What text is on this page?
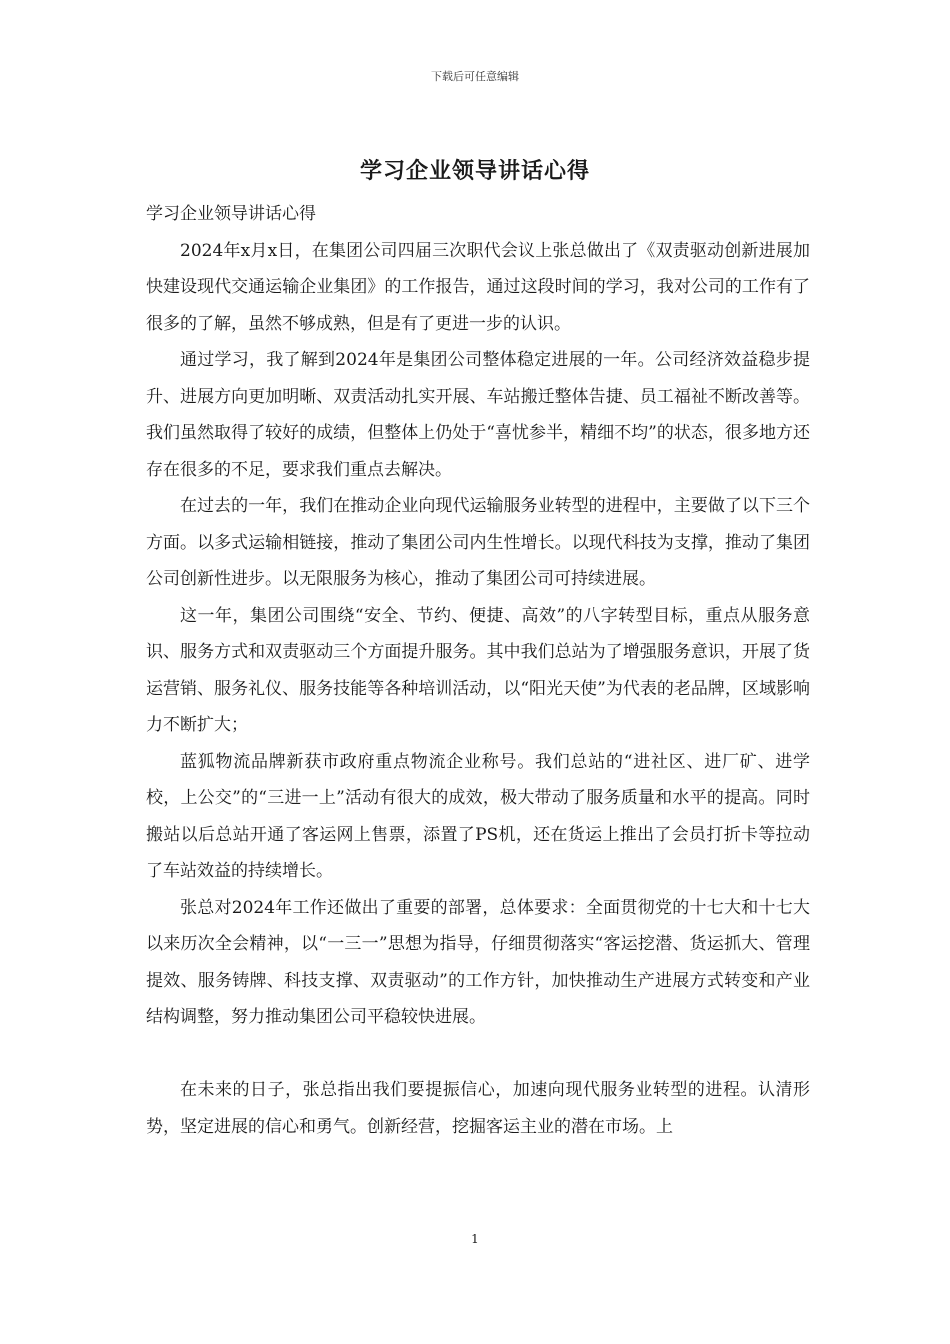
下载后可任意编辑
学习企业领导讲话心得

学习企业领导讲话心得

2024年x月x日，在集团公司四届三次职代会议上张总做出了《双责驱动创新进展加快建设现代交通运输企业集团》的工作报告，通过这段时间的学习，我对公司的工作有了很多的了解，虽然不够成熟，但是有了更进一步的认识。

通过学习，我了解到2024年是集团公司整体稳定进展的一年。公司经济效益稳步提升、进展方向更加明晰、双责活动扎实开展、车站搬迁整体告捷、员工福祉不断改善等。我们虽然取得了较好的成绩，但整体上仍处于“喜忧参半，精细不均”的状态，很多地方还存在很多的不足，要求我们重点去解决。

在过去的一年，我们在推动企业向现代运输服务业转型的进程中，主要做了以下三个方面。以多式运输相链接，推动了集团公司内生性增长。以现代科技为支撑，推动了集团公司创新性进步。以无限服务为核心，推动了集团公司可持续进展。

这一年，集团公司围绕“安全、节约、便捷、高效”的八字转型目标，重点从服务意识、服务方式和双责驱动三个方面提升服务。其中我们总站为了增强服务意识，开展了货运营销、服务礼仪、服务技能等各种培训活动，以“阳光天使”为代表的老品牌，区域影响力不断扩大；

蓝狐物流品牌新获市政府重点物流企业称号。我们总站的“进社区、进厂矿、进学校，上公交”的“三进一上”活动有很大的成效，极大带动了服务质量和水平的提高。同时搬站以后总站开通了客运网上售票，添置了PS机，还在货运上推出了会员打折卡等拉动了车站效益的持续增长。

张总对2024年工作还做出了重要的部署，总体要求：全面贯彻党的十七大和十七大以来历次全会精神，以“一三一”思想为指导，仔细贯彻落实“客运挖潜、货运抓大、管理提效、服务铸牌、科技支撑、双责驱动”的工作方针，加快推动生产进展方式转变和产业结构调整，努力推动集团公司平稳较快进展。

在未来的日子，张总指出我们要提振信心，加速向现代服务业转型的进程。认清形势，坚定进展的信心和勇气。创新经营，挖掘客运主业的潜在市场。上

1
